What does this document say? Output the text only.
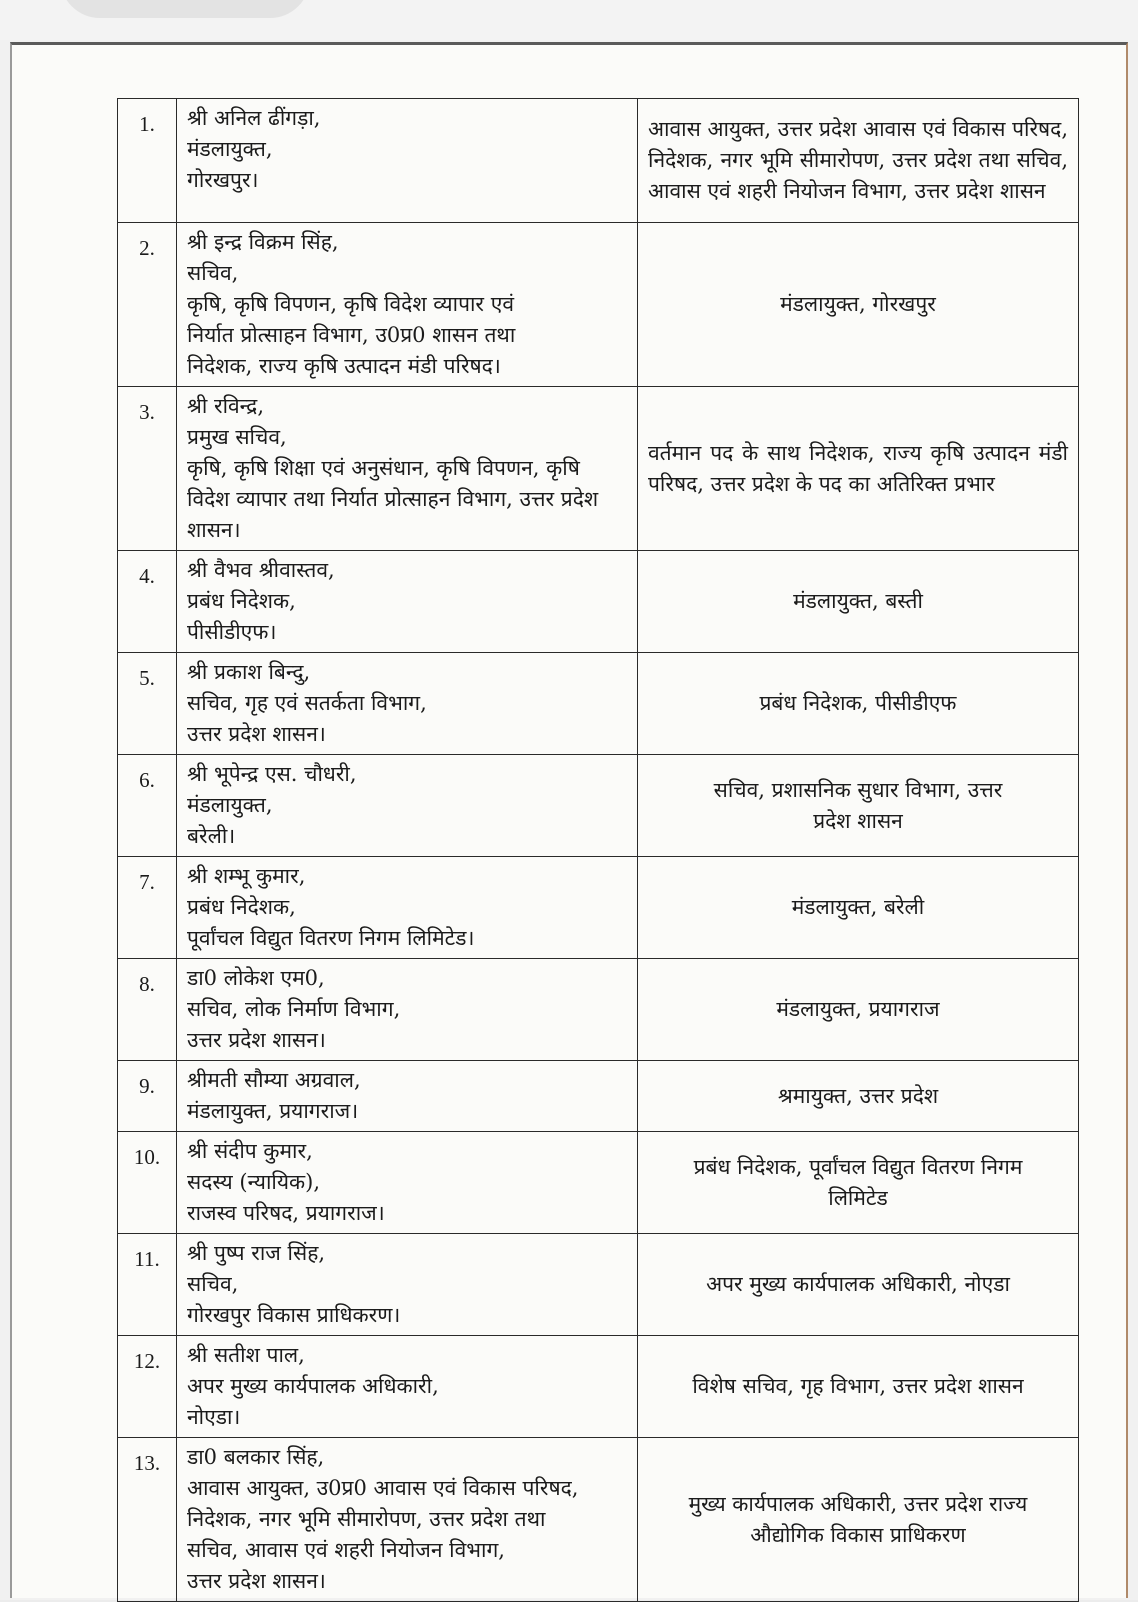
1.	श्री अनिल ढींगड़ा,
मंडलायुक्त,
गोरखपुर।	आवास आयुक्त, उत्तर प्रदेश आवास एवं विकास परिषद, निदेशक, नगर भूमि सीमारोपण, उत्तर प्रदेश तथा सचिव, आवास एवं शहरी नियोजन विभाग, उत्तर प्रदेश शासन
2.	श्री इन्द्र विक्रम सिंह,
सचिव,
कृषि, कृषि विपणन, कृषि विदेश व्यापार एवं
निर्यात प्रोत्साहन विभाग, उ0प्र0 शासन तथा
निदेशक, राज्य कृषि उत्पादन मंडी परिषद।	मंडलायुक्त, गोरखपुर
3.	श्री रविन्द्र,
प्रमुख सचिव,
कृषि, कृषि शिक्षा एवं अनुसंधान, कृषि विपणन, कृषि विदेश व्यापार तथा निर्यात प्रोत्साहन विभाग, उत्तर प्रदेश शासन।	वर्तमान पद के साथ निदेशक, राज्य कृषि उत्पादन मंडी परिषद, उत्तर प्रदेश के पद का अतिरिक्त प्रभार
4.	श्री वैभव श्रीवास्तव,
प्रबंध निदेशक,
पीसीडीएफ।	मंडलायुक्त, बस्ती
5.	श्री प्रकाश बिन्दु,
सचिव, गृह एवं सतर्कता विभाग,
उत्तर प्रदेश शासन।	प्रबंध निदेशक, पीसीडीएफ
6.	श्री भूपेन्द्र एस. चौधरी,
मंडलायुक्त,
बरेली।	सचिव, प्रशासनिक सुधार विभाग, उत्तर प्रदेश शासन
7.	श्री शम्भू कुमार,
प्रबंध निदेशक,
पूर्वांचल विद्युत वितरण निगम लिमिटेड।	मंडलायुक्त, बरेली
8.	डा0 लोकेश एम0,
सचिव, लोक निर्माण विभाग,
उत्तर प्रदेश शासन।	मंडलायुक्त, प्रयागराज
9.	श्रीमती सौम्या अग्रवाल,
मंडलायुक्त, प्रयागराज।	श्रमायुक्त, उत्तर प्रदेश
10.	श्री संदीप कुमार,
सदस्य (न्यायिक),
राजस्व परिषद, प्रयागराज।	प्रबंध निदेशक, पूर्वांचल विद्युत वितरण निगम लिमिटेड
11.	श्री पुष्प राज सिंह,
सचिव,
गोरखपुर विकास प्राधिकरण।	अपर मुख्य कार्यपालक अधिकारी, नोएडा
12.	श्री सतीश पाल,
अपर मुख्य कार्यपालक अधिकारी,
नोएडा।	विशेष सचिव, गृह विभाग, उत्तर प्रदेश शासन
13.	डा0 बलकार सिंह,
आवास आयुक्त, उ0प्र0 आवास एवं विकास परिषद,
निदेशक, नगर भूमि सीमारोपण, उत्तर प्रदेश तथा
सचिव, आवास एवं शहरी नियोजन विभाग,
उत्तर प्रदेश शासन।	मुख्य कार्यपालक अधिकारी, उत्तर प्रदेश राज्य औद्योगिक विकास प्राधिकरण
